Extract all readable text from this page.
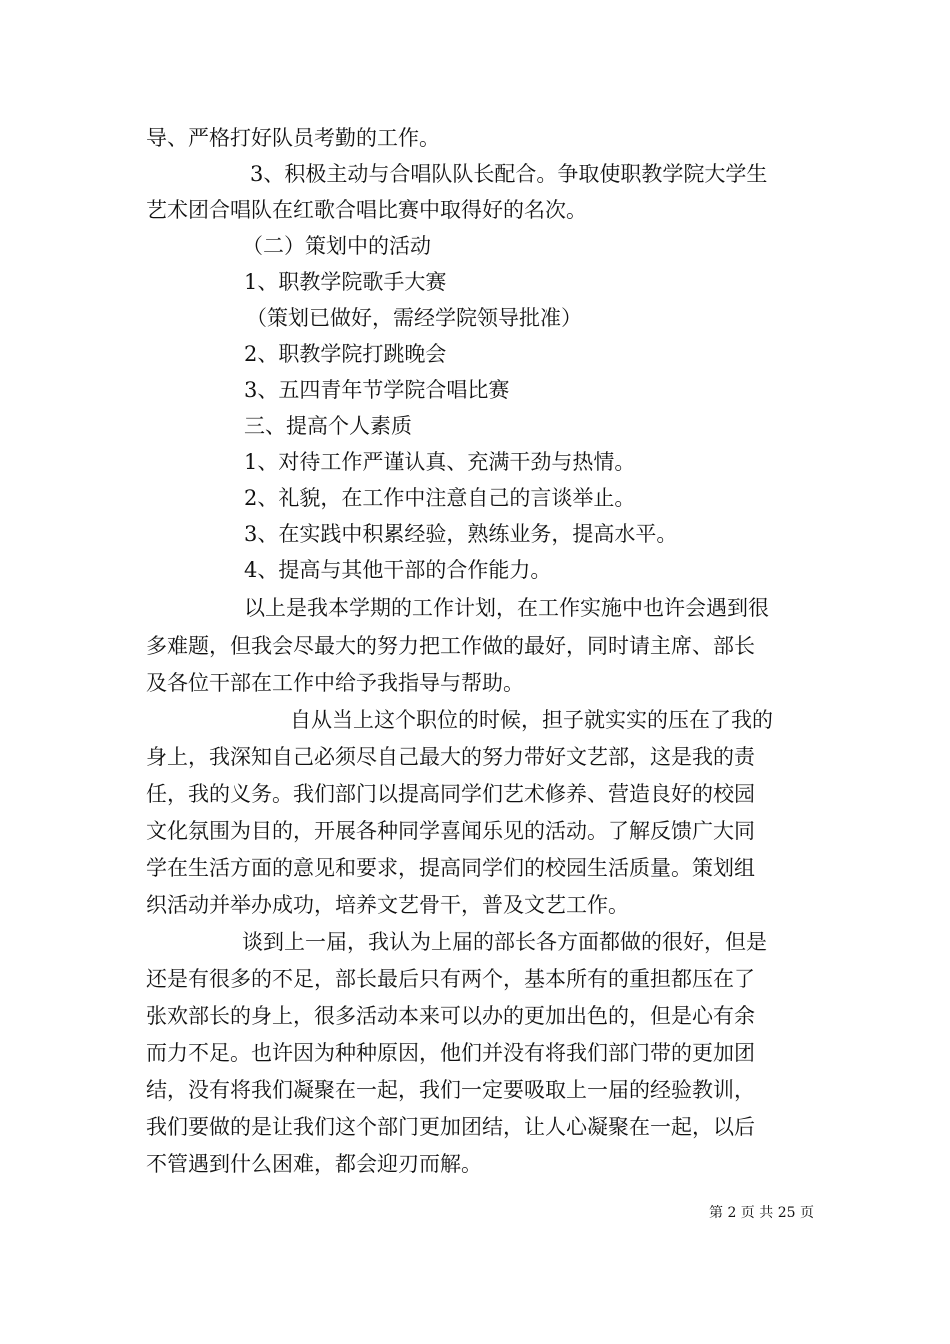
导、严格打好队员考勤的工作。
3、积极主动与合唱队队长配合。争取使职教学院大学生
艺术团合唱队在红歌合唱比赛中取得好的名次。
（二）策划中的活动
1、职教学院歌手大赛
（策划已做好，需经学院领导批准）
2、职教学院打跳晚会
3、五四青年节学院合唱比赛
三、提高个人素质
1、对待工作严谨认真、充满干劲与热情。
2、礼貌，在工作中注意自己的言谈举止。
3、在实践中积累经验，熟练业务，提高水平。
4、提高与其他干部的合作能力。
以上是我本学期的工作计划，在工作实施中也许会遇到很
多难题，但我会尽最大的努力把工作做的最好，同时请主席、部长
及各位干部在工作中给予我指导与帮助。
自从当上这个职位的时候，担子就实实的压在了我的
身上，我深知自己必须尽自己最大的努力带好文艺部，这是我的责
任，我的义务。我们部门以提高同学们艺术修养、营造良好的校园
文化氛围为目的，开展各种同学喜闻乐见的活动。了解反馈广大同
学在生活方面的意见和要求，提高同学们的校园生活质量。策划组
织活动并举办成功，培养文艺骨干，普及文艺工作。
谈到上一届，我认为上届的部长各方面都做的很好，但是
还是有很多的不足，部长最后只有两个，基本所有的重担都压在了
张欢部长的身上，很多活动本来可以办的更加出色的，但是心有余
而力不足。也许因为种种原因，他们并没有将我们部门带的更加团
结，没有将我们凝聚在一起，我们一定要吸取上一届的经验教训，
我们要做的是让我们这个部门更加团结，让人心凝聚在一起，以后
不管遇到什么困难，都会迎刃而解。
第 2 页 共 25 页
